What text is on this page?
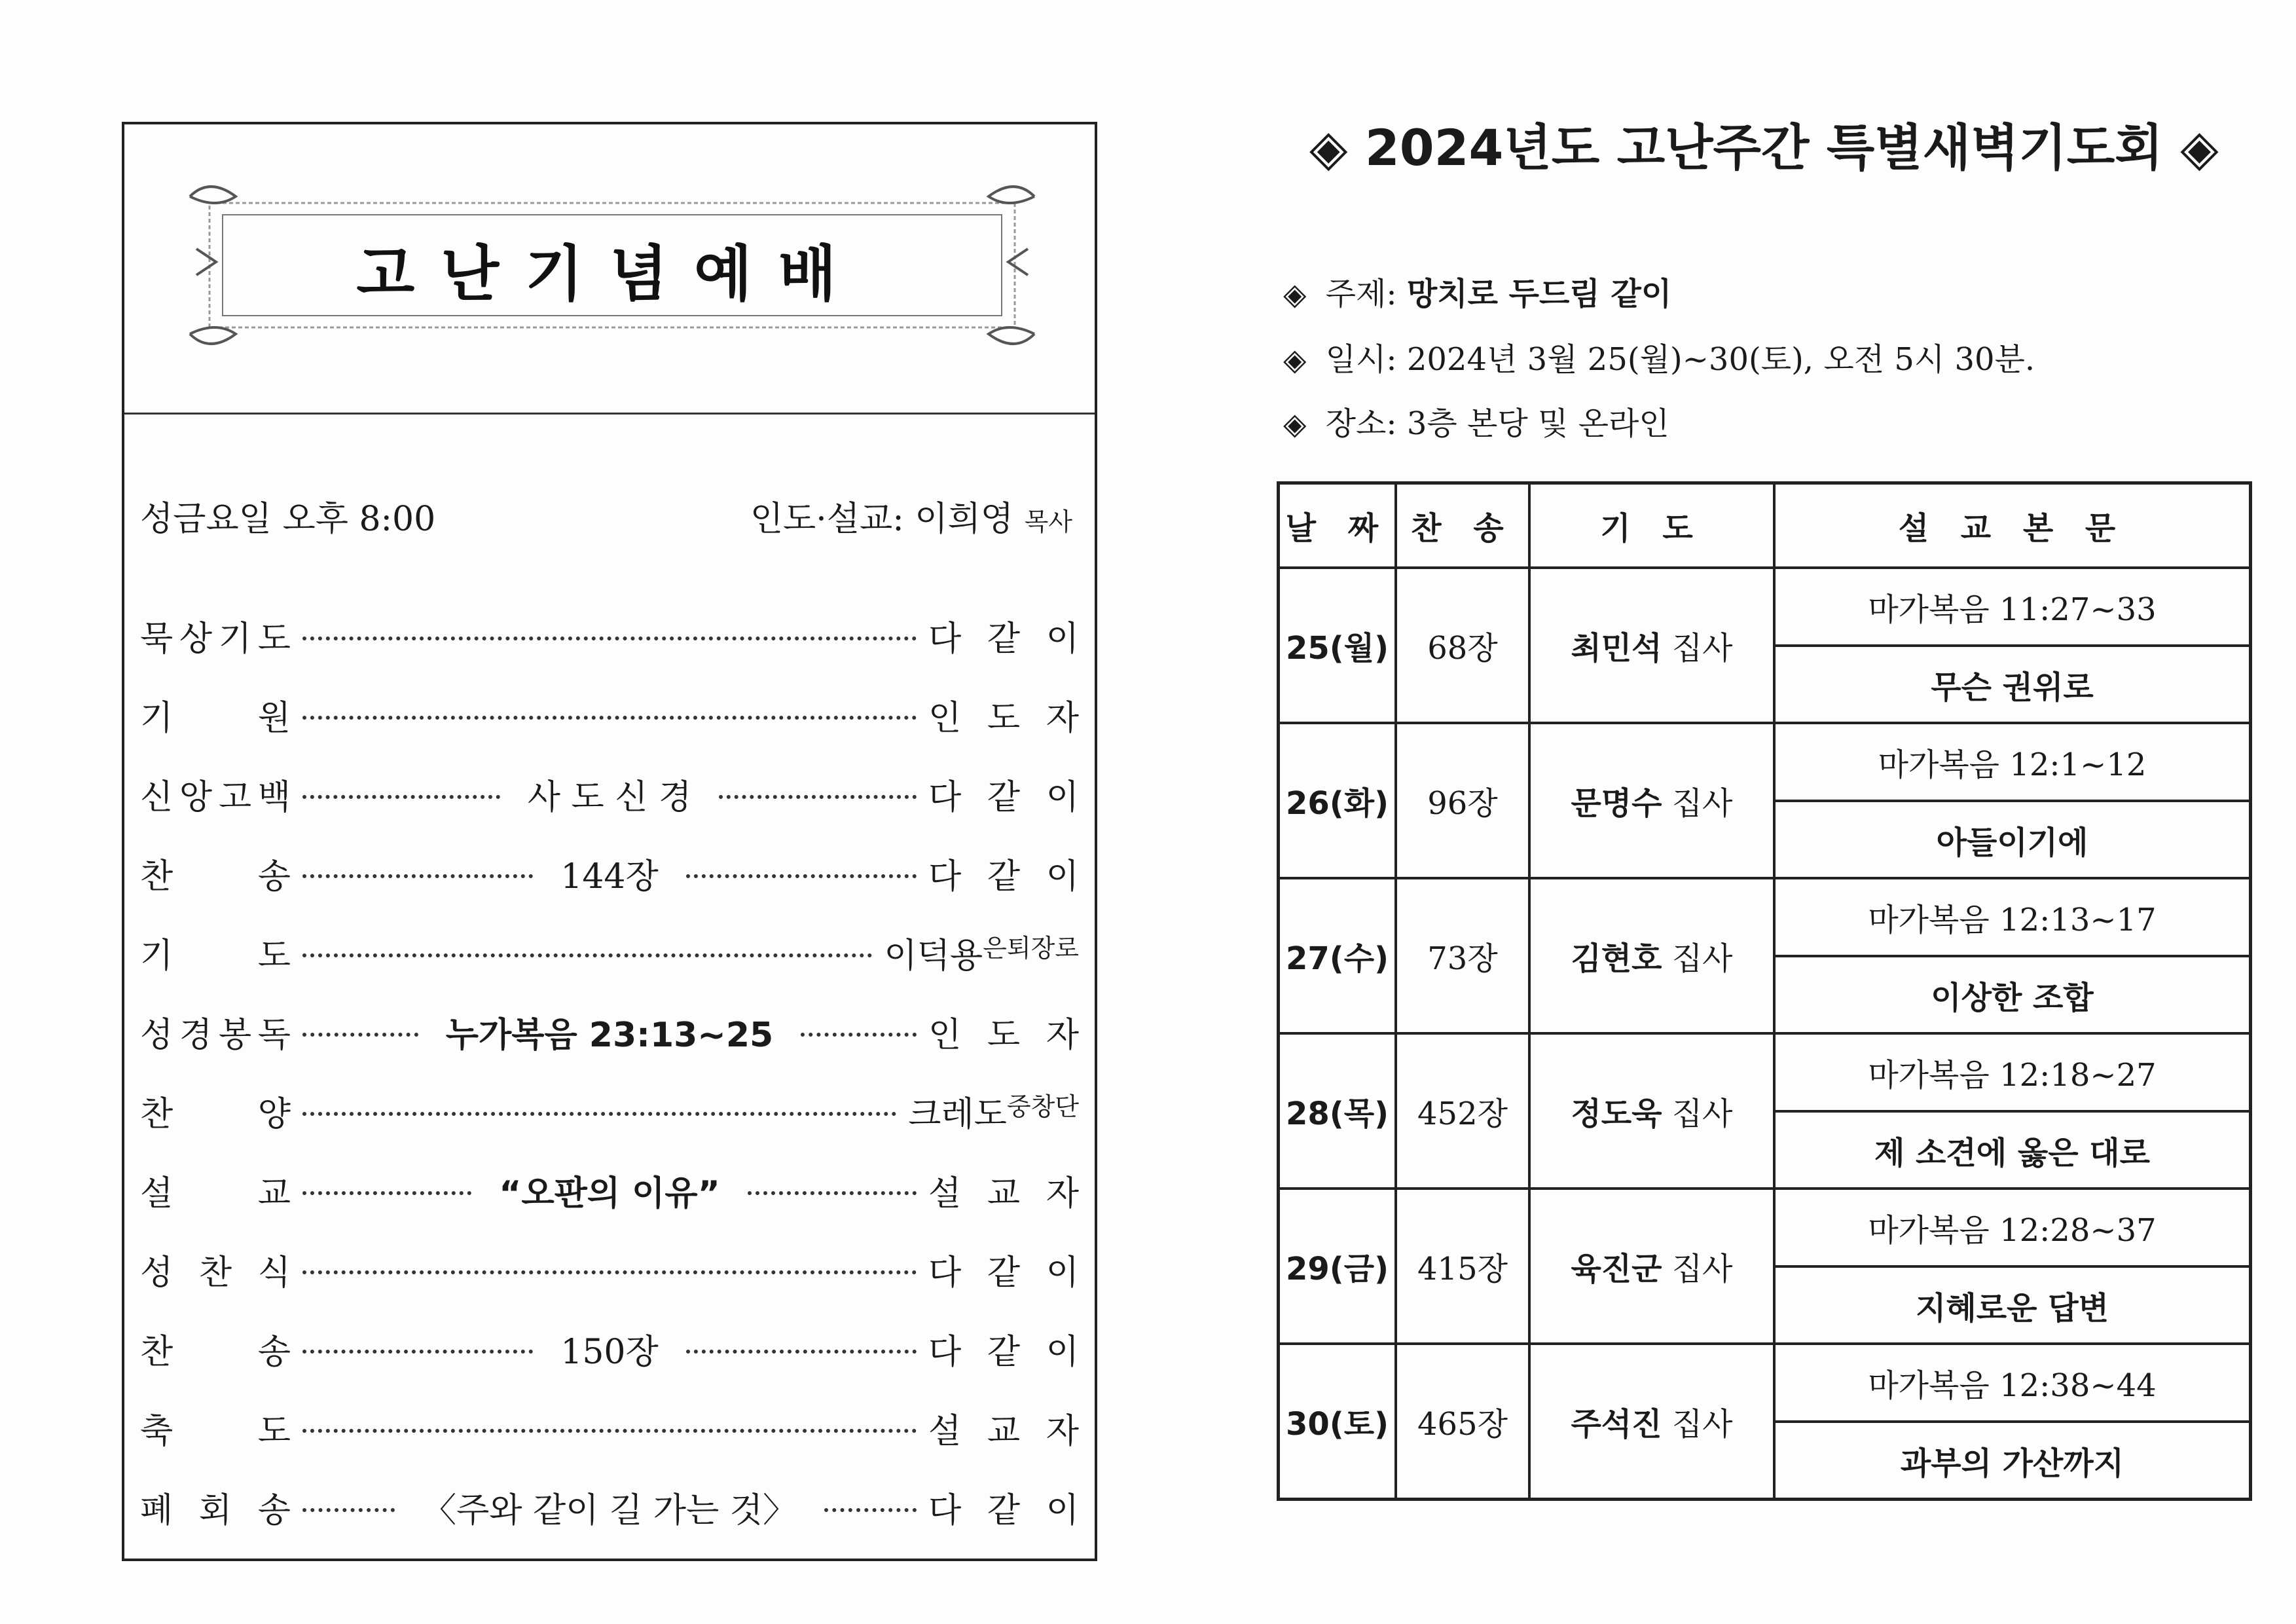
고난기념예배
성금요일 오후 8:00	인도·설교: 이희영 목사
묵 상 기 도	다 같 이
기 원	인 도 자
신 앙 고 백	사 도 신 경	다 같 이
찬 송	144장	다 같 이
기 도	이덕용 은퇴장로
성 경 봉 독	누가복음 23:13~25	인 도 자
찬 양	크레도 중창단
설 교	“오판의 이유”	설 교 자
성 찬 식	다 같 이
찬 송	150장	다 같 이
축 도	설 교 자
폐 회 송	〈주와 같이 길 가는 것〉	다 같 이
◈ 2024년도 고난주간 특별새벽기도회 ◈
◈ 주제: 망치로 두드림 같이
◈ 일시: 2024년 3월 25(월)~30(토), 오전 5시 30분.
◈ 장소: 3층 본당 및 온라인
날 짜	찬 송	기 도	설 교 본 문
25(월)	68장	최민석 집사	마가복음 11:27~33
			무슨 권위로
26(화)	96장	문명수 집사	마가복음 12:1~12
			아들이기에
27(수)	73장	김현호 집사	마가복음 12:13~17
			이상한 조합
28(목)	452장	정도욱 집사	마가복음 12:18~27
			제 소견에 옳은 대로
29(금)	415장	육진군 집사	마가복음 12:28~37
			지혜로운 답변
30(토)	465장	주석진 집사	마가복음 12:38~44
			과부의 가산까지
